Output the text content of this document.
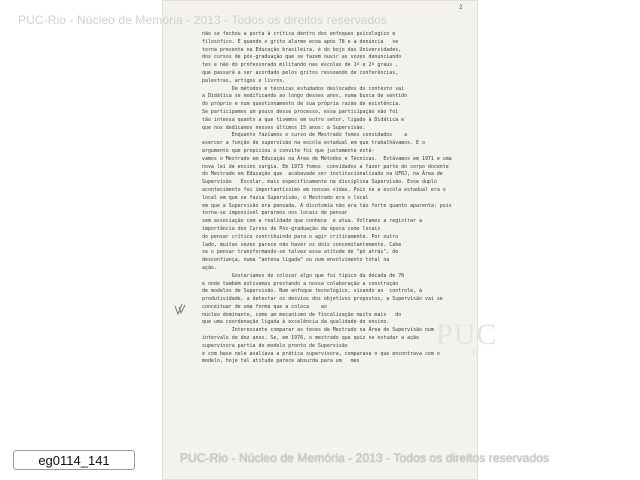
PUC-Rio - Núcleo de Memória - 2013 - Todos os direitos reservados
2
PUC
R
não se fechou a porta à crítica dentro dos enfoques psicologico e
filosófico. E quando o grito alarme ecoa após 78 e a denúncia   se
torna presente na Educação brasileira, é do bojo das Universidades,
dos cursos de pós-graduação que se fazem ouvir as vozes denunciando
tes e não do professorado militando nas escolas de 1º e 2º graus ,
que passará a ser acordado pelos gritos ressoando de conferências,
palestras, artigos e livros.
De métodos e técnicas estudados deslocados do contexto vai
a Didática se modificando ao longo desses anos, numa busca de sentido
do próprio e num questionamento de sua própria razão de existência.
Se participamos um pouco desse processo, essa participação não foi
tão intensa quanto a que tivemos em outro setor, ligado à Didática e
que nos dedicamos nesses últimos 15 anos: a Supervisão.
Enquanto fazíamos o curso de Mestrado fomos convidados    a
exercer a função de supervisão na escola estadual em que trabalhávamos. E o argumento que propiciou o convite foi que justamente está-
vamos o Mestrado em Educação na Área de Métodos e Técnicas.  Estávamos em 1971 e uma nova lei de ensino surgia. Em 1973 fomos  convidados a fazer parte do corpo docente do Mestrado em Educação que  acabavade ser institucionalizado na UFRJ, na Área de Supervisão   Escolar, mais especificamente na disciplina Supervisão. Esse duplo  acontecimento foi importantíssimo em nossas vidas. Pois se a escola estadual era o local em que se fazia Supervisão, o Mestrado era o local
em que a Supervisão era pensada. A dicotomia não era tão forte quanto aparenta: pois torna-se impossível pararmos nos locais de pensar
sem associação com a realidade que conhece  e atua. Voltamos a registrar a importância dos Cursos de Pós-graduação da época como locais
do pensar crítico contribuindo para o agir criticamente. Por outro
lado, muitas vezes parece não haver os dois concomitantemente. Cabe
se o pensar transformando-se talvez essa atitude de "pó atrás", de
desconfiança, numa "antena ligada" ou num envolvimento total na
ação.
Gostaríamos de colocar algo que foi típico da década de 70
e onde também estivemos prestando a nossa colaboração a construção
de modelos de Supervisão. Num enfoque tecnológico, visando ao  controle, à produtividade, a detectar os desvios dos objetivos propostos, a Supervisão vai se conceituar de uma forma que a coloca    ao
núcleo dominante, como um mecanismo de fiscalização muito mais   do
que uma coordenação ligada à excelência da qualidade do ensino.
Interessante comparar as teses de Mestrado na Área de Supervisão num intervalo de dez anos. Se, em 1976, o mestrado que quiz se estudar a ação supervisora partia do modelo pronto de Supervisão
e com base nele avaliava a prática supervisora, comparava o que encontrava com o modelo, hoje tal atitude parece absurda para um   mes
PUC-Rio - Núcleo de Memória - 2013 - Todos os direitos reservados
eg0114_141
